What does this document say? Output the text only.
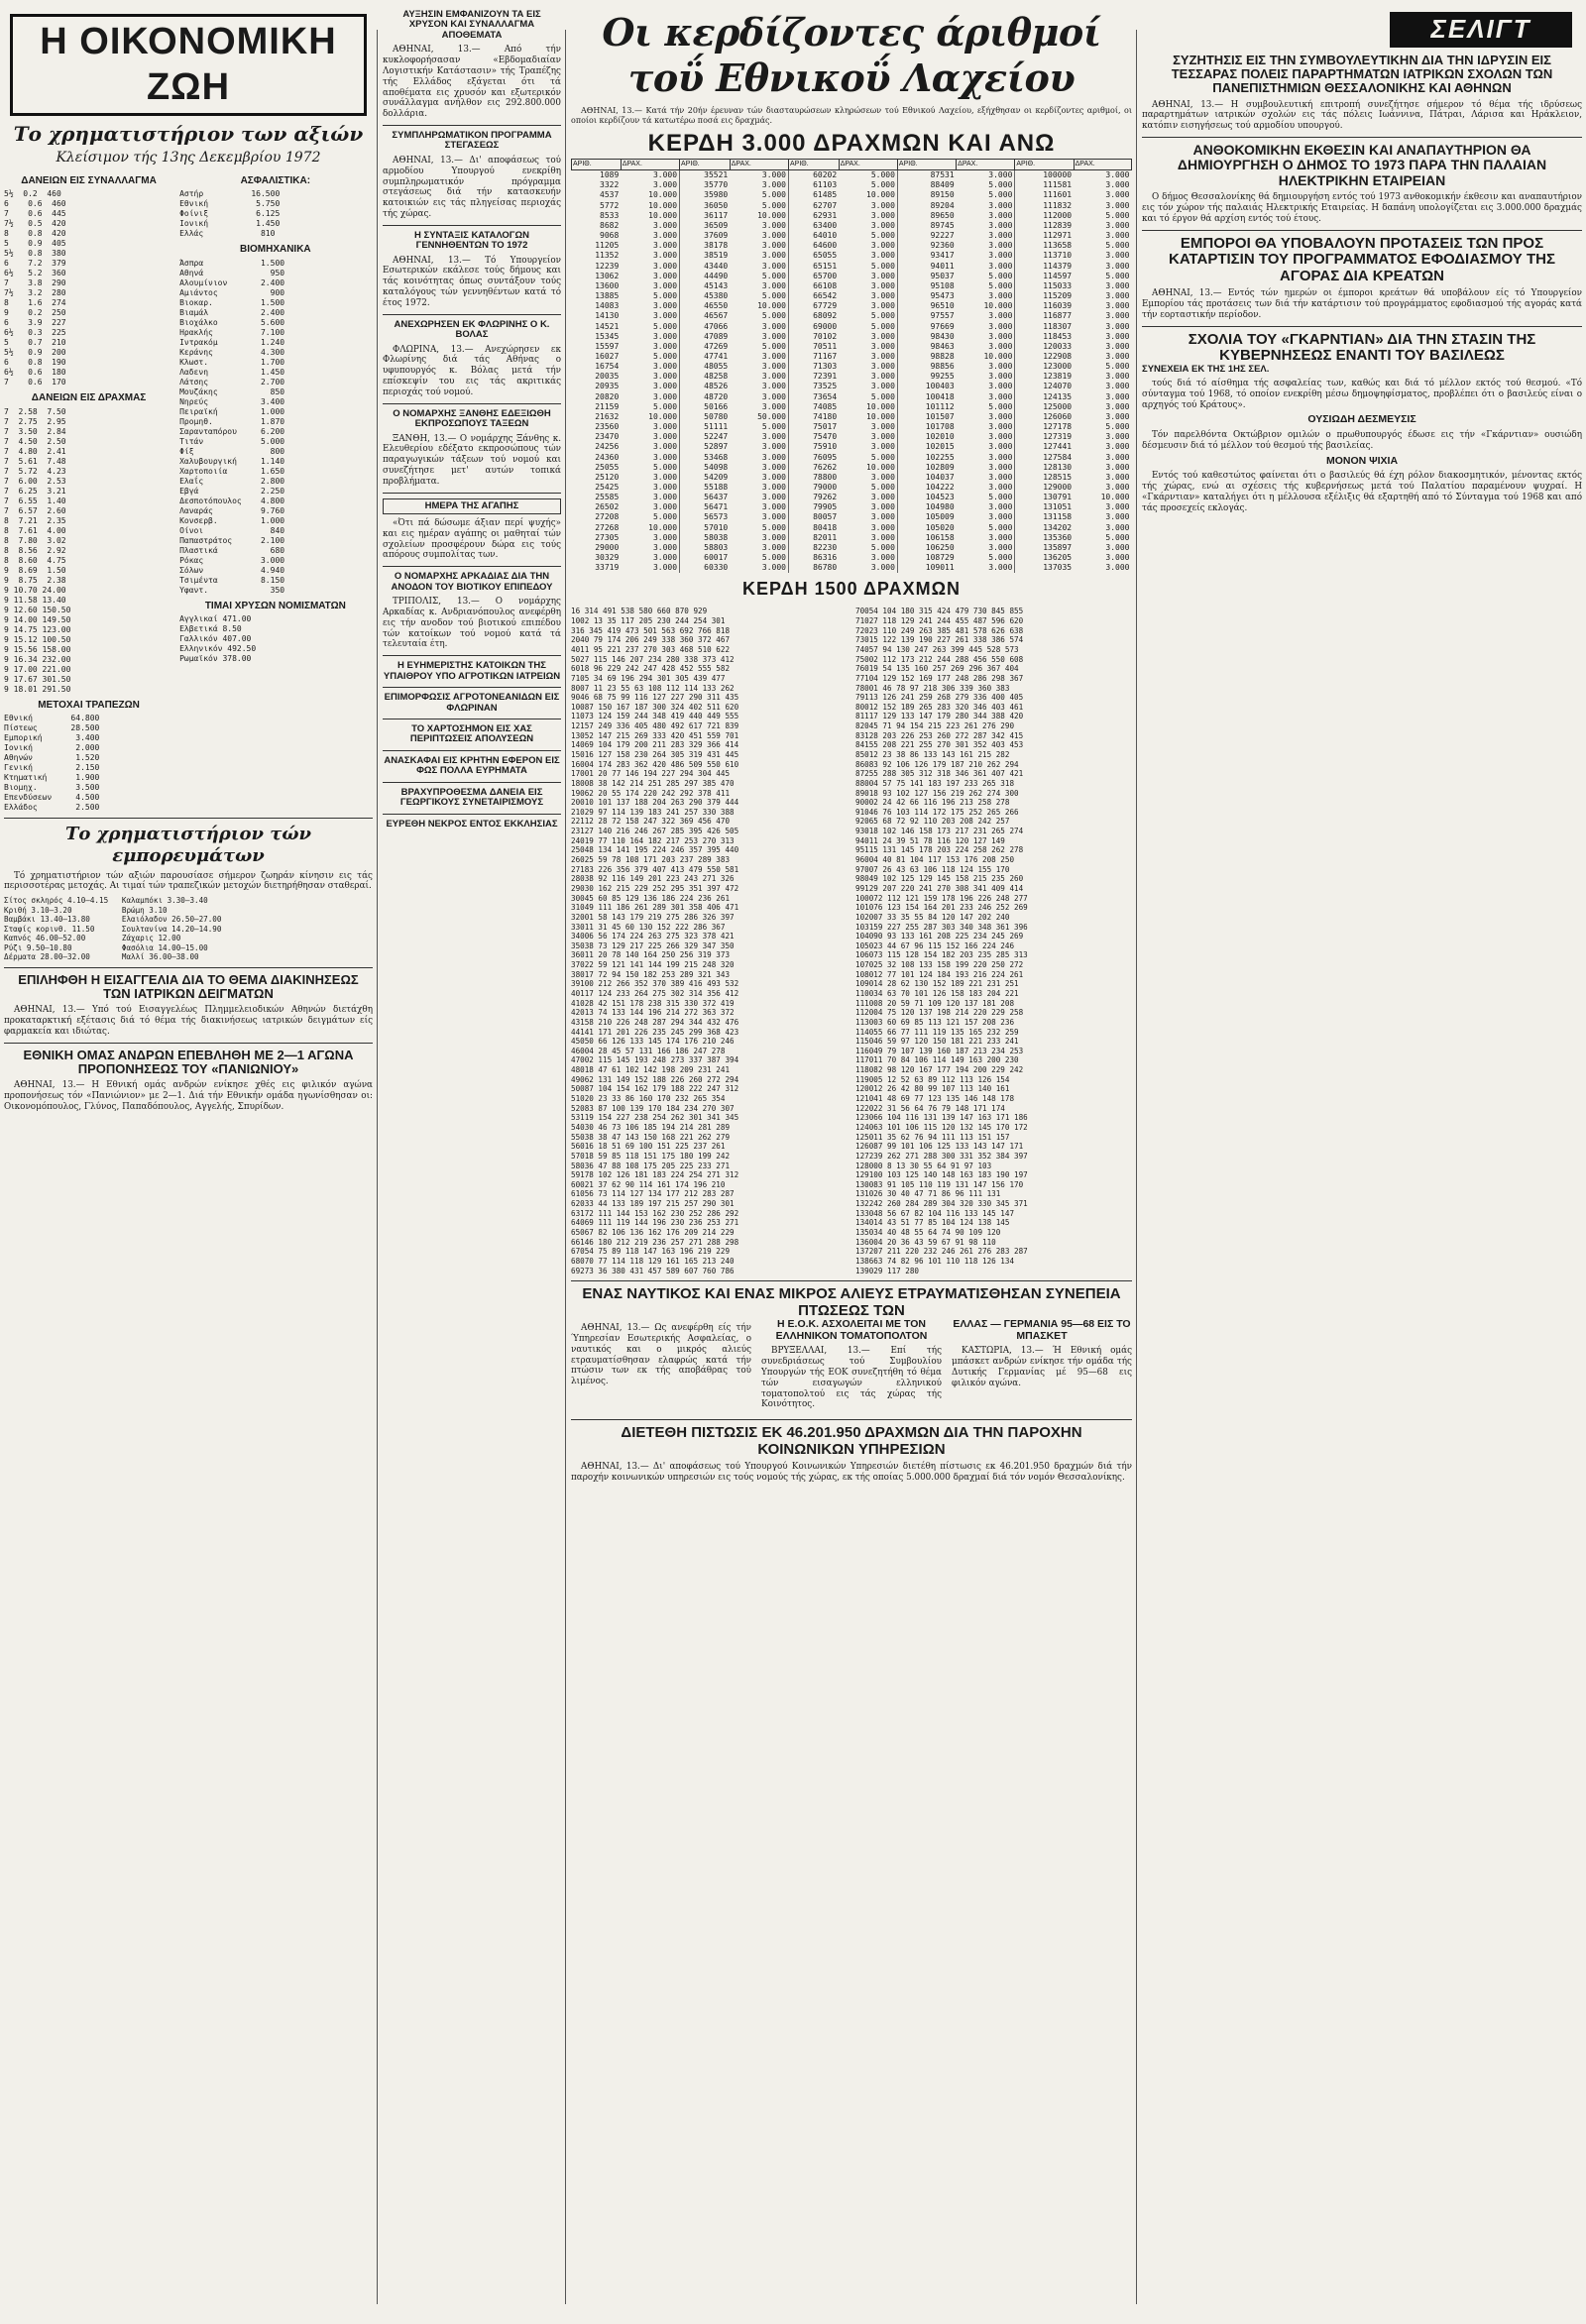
Η ΟΙΚΟΝΟΜΙΚΗ ΖΩΗ
Το χρηματιστήριον των αξιών
Κλείσιμον τής 13ης Δεκεμβρίου 1972
ΔΑΝΕΙΩΝ ΕΙΣ ΣΥΝΑΛΛΑΓΜΑ
5½  0.2  460
6    0.6  460
7    0.6  445
7½   0.5  420
8    0.8  420
5    0.9  405
5½   0.8  380
6    7.2  379
6½   5.2  360
7    3.8  290
7½   3.2  280
8    1.6  274
9    0.2  250
6    3.9  227
6½   0.3  225
5    0.7  210
5½   0.9  200
6    0.8  190
6½   0.6  180
7    0.6  170
ΔΑΝΕΙΩΝ ΕΙΣ ΔΡΑΧΜΑΣ
7  2.58  7.50
7  2.75  2.95
7  3.50  2.84
7  4.50  2.50
7  4.80  2.41
7  5.61  7.48
7  5.72  4.23
7  6.00  2.53
7  6.25  3.21
7  6.55  1.40
7  6.57  2.60
8  7.21  2.35
8  7.61  4.00
8  7.80  3.02
8  8.56  2.92
8  8.60  4.75
9  8.69  1.50
9  8.75  2.38
9 10.70 24.00
9 11.58 13.40
9 12.60 150.50
9 14.00 149.50
9 14.75 123.00
9 15.12 100.50
9 15.56 158.00
9 16.34 232.00
9 17.00 221.00
9 17.67 301.50
9 18.01 291.50
ΜΕΤΟΧΑΙ ΤΡΑΠΕΖΩΝ
Εθνική        64.800
Πίστεως       28.500
Εμπορική       3.400
Ιονική         2.000
Αθηνών         1.520
Γενική         2.150
Κτηματική      1.900
Βιομηχ.        3.500
Επενδύσεων     4.500
Ελλάδος        2.500
ΑΣΦΑΛΙΣΤΙΚΑ:
Αστήρ          16.500
Εθνική          5.750
Φοίνιξ          6.125
Ιονική          1.450
Ελλάς            810
ΒΙΟΜΗΧΑΝΙΚΑ
Άσπρα            1.500
Αθηνά              950
Αλουμίνιον       2.400
Αμιάντος           900
Βιοκαρ.          1.500
Βιαμάλ           2.400
Βιοχάλκο         5.600
Ηρακλής          7.100
Ιντρακόμ         1.240
Κεράνης          4.300
Κλωστ.           1.700
Λαδενη           1.450
Λάτσης           2.700
Μουζάκης           850
Νηρεύς           3.400
Πειραϊκή         1.000
Προμηθ.          1.870
Σαρανταπόρου     6.200
Τιτάν            5.000
Φίξ                800
Χαλυβουργική     1.140
Χαρτοποιία       1.650
Ελαΐς            2.800
Εβγά             2.250
Δεσποτόπουλος    4.800
Λαναράς          9.760
Κονσερβ.         1.000
Οίνοι              840
Παπαστράτος      2.100
Πλαστικά           680
Ρόκας            3.000
Σόλων            4.940
Τσιμέντα         8.150
Ύφαντ.             350
ΤΙΜΑΙ ΧΡΥΣΩΝ ΝΟΜΙΣΜΑΤΩΝ
Αγγλικαί 471.00
Ελβετικά 8.50
Γαλλικόν 407.00
Ελληνικόν 492.50
Ρωμαϊκόν 378.00
Το χρηματιστήριον τών εμπορευμάτων
Τό χρηματιστήριον τών αξιών παρουσίασε σήμερον ζωηράν κίνησιν εις τάς περισσοτέρας μετοχάς. Αι τιμαί τών τραπεζικών μετοχών διετηρήθησαν σταθεραί.
Σίτος σκληρός 4.10—4.15   Καλαμπόκι 3.30—3.40
Κριθή 3.10—3.20           Βρώμη 3.10
Βαμβάκι 13.40—13.80       Ελαιόλαδον 26.50—27.00
Σταφίς κορινθ. 11.50      Σουλτανίνα 14.20—14.90
Καπνός 46.00—52.00        Ζάχαρις 12.00
Ρύζι 9.50—10.80           Φασόλια 14.00—15.00
Δέρματα 28.00—32.00       Μαλλί 36.00—38.00
ΕΠΙΛΗΦΘΗ Η ΕΙΣΑΓΓΕΛΙΑ ΔΙΑ ΤΟ ΘΕΜΑ ΔΙΑΚΙΝΗΣΕΩΣ ΤΩΝ ΙΑΤΡΙΚΩΝ ΔΕΙΓΜΑΤΩΝ
ΑΘΗΝΑΙ, 13.— Υπό τού Εισαγγελέως Πλημμελειοδικών Αθηνών διετάχθη προκαταρκτική εξέτασις διά τό θέμα τής διακινήσεως ιατρικών δειγμάτων είς φαρμακεία και ιδιώτας.
ΕΘΝΙΚΗ ΟΜΑΣ ΑΝΔΡΩΝ ΕΠΕΒΛΗΘΗ ΜΕ 2—1 ΑΓΩΝΑ ΠΡΟΠΟΝΗΣΕΩΣ ΤΟΥ «ΠΑΝΙΩΝΙΟΥ»
ΑΘΗΝΑΙ, 13.— Η Εθνική ομάς ανδρών ενίκησε χθές εις φιλικόν αγώνα προπονήσεως τόν «Πανιώνιον» με 2—1. Διά τήν Εθνικήν ομάδα ηγωνίσθησαν οι: Οικονομόπουλος, Γλύνος, Παπαδόπουλος, Αγγελής, Σπυρίδων.
ΑΥΞΗΣΙΝ ΕΜΦΑΝΙΖΟΥΝ ΤΑ ΕΙΣ ΧΡΥΣΟΝ ΚΑΙ ΣΥΝΑΛΛΑΓΜΑ ΑΠΟΘΕΜΑΤΑ
ΑΘΗΝΑΙ, 13.— Από τήν κυκλοφορήσασαν «Εβδομαδιαίαν Λογιστικήν Κατάστασιν» τής Τραπέζης τής Ελλάδος εξάγεται ότι τά αποθέματα εις χρυσόν και εξωτερικόν συνάλλαγμα ανήλθον εις 292.800.000 δολλάρια.
ΣΥΜΠΛΗΡΩΜΑΤΙΚΟΝ ΠΡΟΓΡΑΜΜΑ ΣΤΕΓΑΣΕΩΣ
ΑΘΗΝΑΙ, 13.— Δι' αποφάσεως τού αρμοδίου Υπουργού ενεκρίθη συμπληρωματικόν πρόγραμμα στεγάσεως διά τήν κατασκευήν κατοικιών εις τάς πληγείσας περιοχάς τής χώρας.
Η ΣΥΝΤΑΞΙΣ ΚΑΤΑΛΟΓΩΝ ΓΕΝΝΗΘΕΝΤΩΝ ΤΟ 1972
ΑΘΗΝΑΙ, 13.— Τό Υπουργείον Εσωτερικών εκάλεσε τούς δήμους και τάς κοινότητας όπως συντάξουν τούς καταλόγους τών γεννηθέντων κατά τό έτος 1972.
ΑΝΕΧΩΡΗΣΕΝ ΕΚ ΦΛΩΡΙΝΗΣ Ο Κ. ΒΟΛΑΣ
ΦΛΩΡΙΝΑ, 13.— Ανεχώρησεν εκ Φλωρίνης διά τάς Αθήνας ο υφυπουργός κ. Βόλας μετά τήν επίσκεψίν του εις τάς ακριτικάς περιοχάς τού νομού.
Ο ΝΟΜΑΡΧΗΣ ΞΑΝΘΗΣ ΕΔΕΞΙΩΘΗ ΕΚΠΡΟΣΩΠΟΥΣ ΤΑΞΕΩΝ
ΞΑΝΘΗ, 13.— Ο νομάρχης Ξάνθης κ. Ελευθερίου εδέξατο εκπροσώπους τών παραγωγικών τάξεων τού νομού και συνεζήτησε μετ' αυτών τοπικά προβλήματα.
ΗΜΕΡΑ ΤΗΣ ΑΓΑΠΗΣ
«Ότι πά δώσωμε άξιαν περί ψυχής» και εις ημέραν αγάπης οι μαθηταί τών σχολείων προσφέρουν δώρα εις τούς απόρους συμπολίτας των.
Ο ΝΟΜΑΡΧΗΣ ΑΡΚΑΔΙΑΣ ΔΙΑ ΤΗΝ ΑΝΟΔΟΝ ΤΟΥ ΒΙΟΤΙΚΟΥ ΕΠΙΠΕΔΟΥ
ΤΡΙΠΟΛΙΣ, 13.— Ο νομάρχης Αρκαδίας κ. Ανδριανόπουλος ανεφέρθη εις τήν ανοδον τού βιοτικού επιπέδου τών κατοίκων τού νομού κατά τά τελευταία έτη.
Η ΕΥΗΜΕΡΙΣΤΗΣ ΚΑΤΟΙΚΩΝ ΤΗΣ ΥΠΑΙΘΡΟΥ ΥΠΟ ΑΓΡΟΤΙΚΩΝ ΙΑΤΡΕΙΩΝ
ΕΠΙΜΟΡΦΩΣΙΣ ΑΓΡΟΤΟΝΕΑΝΙΔΩΝ ΕΙΣ ΦΛΩΡΙΝΑΝ
ΤΟ ΧΑΡΤΟΣΗΜΟΝ ΕΙΣ ΧΑΣ ΠΕΡΙΠΤΩΣΕΙΣ ΑΠΟΛΥΣΕΩΝ
ΑΝΑΣΚΑΦΑΙ ΕΙΣ ΚΡΗΤΗΝ ΕΦΕΡΟΝ ΕΙΣ ΦΩΣ ΠΟΛΛΑ ΕΥΡΗΜΑΤΑ
ΒΡΑΧΥΠΡΟΘΕΣΜΑ ΔΑΝΕΙΑ ΕΙΣ ΓΕΩΡΓΙΚΟΥΣ ΣΥΝΕΤΑΙΡΙΣΜΟΥΣ
ΕΥΡΕΘΗ ΝΕΚΡΟΣ ΕΝΤΟΣ ΕΚΚΛΗΣΙΑΣ
Οι κερδίζοντες άριθμοί τοΰ Εθνικοΰ Λαχείου
ΑΘΗΝΑΙ, 13.— Κατά τήν 20ήν έρευναν τών διασταυρώσεων κληρώσεων τού Εθνικού Λαχείου, εξήχθησαν οι κερδίζοντες αριθμοί, οι οποίοι κερδίζουν τά κατωτέρω ποσά εις δραχμάς.
ΚΕΡΔΗ 3.000 ΔΡΑΧΜΩΝ ΚΑΙ ΑΝΩ
ΑΡΙΘ.	ΔΡΑΧ.	ΑΡΙΘ.	ΔΡΑΧ.	ΑΡΙΘ.	ΔΡΑΧ.	ΑΡΙΘ.	ΔΡΑΧ.	ΑΡΙΘ.	ΔΡΑΧ.
1089	3.000	35521	3.000	60202	5.000	87531	3.000	100000	3.000
3322	3.000	35770	3.000	61103	5.000	88409	5.000	111581	3.000
4537	10.000	35980	5.000	61485	10.000	89150	5.000	111601	3.000
5772	10.000	36050	5.000	62707	3.000	89204	3.000	111832	3.000
8533	10.000	36117	10.000	62931	3.000	89650	3.000	112000	5.000
8682	3.000	36509	3.000	63400	3.000	89745	3.000	112839	3.000
9068	3.000	37609	3.000	64010	5.000	92227	3.000	112971	3.000
11205	3.000	38178	3.000	64600	3.000	92360	3.000	113658	5.000
11352	3.000	38519	3.000	65055	3.000	93417	3.000	113710	3.000
12239	3.000	43440	3.000	65151	5.000	94011	3.000	114379	3.000
13062	3.000	44490	5.000	65700	3.000	95037	5.000	114597	5.000
13600	3.000	45143	3.000	66108	3.000	95108	5.000	115033	3.000
13885	5.000	45380	5.000	66542	3.000	95473	3.000	115209	3.000
14083	3.000	46550	10.000	67729	3.000	96510	10.000	116039	3.000
14130	3.000	46567	5.000	68092	5.000	97557	3.000	116877	3.000
14521	5.000	47066	3.000	69000	5.000	97669	3.000	118307	3.000
15345	3.000	47089	3.000	70102	3.000	98430	3.000	118453	3.000
15597	3.000	47269	5.000	70511	3.000	98463	3.000	120033	3.000
16027	5.000	47741	3.000	71167	3.000	98828	10.000	122908	3.000
16754	3.000	48055	3.000	71303	3.000	98856	3.000	123000	5.000
20035	3.000	48258	3.000	72391	3.000	99255	3.000	123819	3.000
20935	3.000	48526	3.000	73525	3.000	100403	3.000	124070	3.000
20820	3.000	48720	3.000	73654	5.000	100418	3.000	124135	3.000
21159	5.000	50166	3.000	74085	10.000	101112	5.000	125000	3.000
21632	10.000	50780	50.000	74180	10.000	101507	3.000	126060	3.000
23560	3.000	51111	5.000	75017	3.000	101708	3.000	127178	5.000
23470	3.000	52247	3.000	75470	3.000	102010	3.000	127319	3.000
24256	3.000	52897	3.000	75910	3.000	102015	3.000	127441	3.000
24360	3.000	53468	3.000	76095	5.000	102255	3.000	127584	3.000
25055	5.000	54098	3.000	76262	10.000	102809	3.000	128130	3.000
25120	3.000	54209	3.000	78800	3.000	104037	3.000	128515	3.000
25425	3.000	55188	3.000	79000	5.000	104222	3.000	129000	3.000
25585	3.000	56437	3.000	79262	3.000	104523	5.000	130791	10.000
26502	3.000	56471	3.000	79905	3.000	104980	3.000	131051	3.000
27208	5.000	56573	3.000	80057	3.000	105009	3.000	131158	3.000
27268	10.000	57010	5.000	80418	3.000	105020	5.000	134202	3.000
27305	3.000	58038	3.000	82011	3.000	106158	3.000	135360	5.000
29000	3.000	58803	3.000	82230	5.000	106250	3.000	135897	3.000
30329	3.000	60017	5.000	86316	3.000	108729	5.000	136205	3.000
33719	3.000	60330	3.000	86780	3.000	109011	3.000	137035	3.000
ΚΕΡΔΗ 1500 ΔΡΑΧΜΩΝ
16 314 491 538 580 660 870 929
1002 13 35 117 205 230 244 254 301
316 345 419 473 501 563 692 766 818
2040 79 174 206 249 338 360 372 467
4011 95 221 237 270 303 468 510 622
5027 115 146 207 234 280 338 373 412
6018 96 229 242 247 428 452 555 582
7105 34 69 196 294 301 305 439 477
8007 11 23 55 63 108 112 114 133 262
9046 68 75 99 116 127 227 290 311 435
10087 150 167 187 300 324 402 511 620
11073 124 159 244 348 419 440 449 555
12157 249 336 405 480 492 617 721 839
13052 147 215 269 333 420 451 559 701
14069 104 179 200 211 283 329 366 414
15016 127 158 230 264 305 319 431 445
16004 174 283 362 420 486 509 550 610
17001 20 77 146 194 227 294 304 445
18008 38 142 214 251 285 297 385 470
19062 20 55 174 220 242 292 378 411
20010 101 137 188 204 263 290 379 444
21029 97 114 139 183 241 257 330 388
22112 28 72 158 247 322 369 456 470
23127 140 216 246 267 285 395 426 505
24019 77 110 164 182 217 253 270 313
25048 134 141 195 224 246 357 395 440
26025 59 78 108 171 203 237 289 383
27183 226 356 379 407 413 479 550 581
28038 92 116 149 201 223 243 271 326
29030 162 215 229 252 295 351 397 472
30045 60 85 129 136 186 224 236 261
31049 111 186 261 289 301 358 406 471
32001 58 143 179 219 275 286 326 397
33011 31 45 60 130 152 222 286 367
34006 56 174 224 263 275 323 378 421
35038 73 129 217 225 266 329 347 350
36011 20 78 140 164 250 256 319 373
37022 59 121 141 144 199 215 248 320
38017 72 94 150 182 253 289 321 343
39100 212 266 352 370 389 416 493 532
40117 124 233 264 275 302 314 356 412
41028 42 151 178 238 315 330 372 419
42013 74 133 144 196 214 272 363 372
43158 210 226 248 287 294 344 432 476
44141 171 201 226 235 245 299 368 423
45050 66 126 133 145 174 176 210 246
46004 28 45 57 131 166 186 247 278
47002 115 145 193 248 273 337 387 394
48018 47 61 102 142 198 209 231 241
49062 131 149 152 188 226 260 272 294
50087 104 154 162 179 188 222 247 312
51020 23 33 86 160 170 232 265 354
52083 87 100 139 170 184 234 270 307
53119 154 227 238 254 262 301 341 345
54030 46 73 106 185 194 214 281 289
55038 38 47 143 150 168 221 262 279
56016 18 51 69 100 151 225 237 261
57018 59 85 118 151 175 180 199 242
58036 47 88 108 175 205 225 233 271
59178 102 126 181 183 224 254 271 312
60021 37 62 90 114 161 174 196 210
61056 73 114 127 134 177 212 283 287
62033 44 133 189 197 215 257 290 301
63172 111 144 153 162 230 252 286 292
64069 111 119 144 196 230 236 253 271
65067 82 106 136 162 176 209 214 229
66146 180 212 219 236 257 271 288 298
67054 75 89 118 147 163 196 219 229
68070 77 114 118 129 161 165 213 240
69273 36 380 431 457 589 607 760 786
70054 104 180 315 424 479 730 845 855
71027 118 129 241 244 455 487 596 620
72023 110 249 263 385 481 578 626 638
73015 122 139 190 227 261 338 386 574
74057 94 130 247 263 399 445 528 573
75002 112 173 212 244 288 456 550 608
76019 54 135 160 257 269 296 367 404
77104 129 152 169 177 248 286 298 367
78001 46 78 97 218 306 339 360 383
79113 126 241 259 268 279 336 400 405
80012 152 189 265 283 320 346 403 461
81117 129 133 147 179 280 344 388 420
82045 71 94 154 215 223 261 276 290
83128 203 226 253 260 272 287 342 415
84155 208 221 255 270 301 352 403 453
85012 23 38 86 133 143 161 215 282
86083 92 106 126 179 187 210 262 294
87255 288 305 312 318 346 361 407 421
88004 57 75 141 183 197 233 265 318
89018 93 102 127 156 219 262 274 300
90002 24 42 66 116 196 213 258 278
91046 76 103 114 172 175 252 265 266
92065 68 72 92 110 203 208 242 257
93018 102 146 158 173 217 231 265 274
94011 24 39 51 78 116 120 127 149
95115 131 145 178 203 224 258 262 278
96004 40 81 104 117 153 176 208 250
97007 26 43 63 106 118 124 155 170
98049 102 125 129 145 158 215 235 260
99129 207 220 241 270 308 341 409 414
100072 112 121 159 178 196 226 248 277
101076 123 154 164 201 233 246 252 269
102007 33 35 55 84 120 147 202 240
103159 227 255 287 303 340 348 361 396
104090 93 133 161 208 225 234 245 269
105023 44 67 96 115 152 166 224 246
106073 115 128 154 182 203 235 285 313
107025 32 108 133 158 199 220 250 272
108012 77 101 124 184 193 216 224 261
109014 28 62 130 152 189 221 231 251
110034 63 70 101 126 158 183 204 221
111008 20 59 71 109 120 137 181 208
112004 75 120 137 198 214 220 229 258
113003 60 69 85 113 121 157 208 236
114055 66 77 111 119 135 165 232 259
115046 59 97 120 150 181 221 233 241
116049 79 107 139 160 187 213 234 253
117011 70 84 106 114 149 163 200 230
118082 98 120 167 177 194 200 229 242
119005 12 52 63 89 112 113 126 154
120012 26 42 80 99 107 113 140 161
121041 48 69 77 123 135 146 148 178
122022 31 56 64 76 79 148 171 174
123066 104 116 131 139 147 163 171 186
124063 101 106 115 120 132 145 170 172
125011 35 62 76 94 111 113 151 157
126087 99 101 106 125 133 143 147 171
127239 262 271 288 300 331 352 384 397
128000 8 13 30 55 64 91 97 103
129100 103 125 140 148 163 183 190 197
130083 91 105 110 119 131 147 156 170
131026 30 40 47 71 86 96 111 131
132242 260 284 289 304 320 330 345 371
133048 56 67 82 104 116 133 145 147
134014 43 51 77 85 104 124 138 145
135034 40 48 55 64 74 90 109 120
136004 20 36 43 59 67 91 98 110
137207 211 220 232 246 261 276 283 287
138663 74 82 96 101 110 118 126 134
139029 117 280
ΕΝΑΣ ΝΑΥΤΙΚΟΣ ΚΑΙ ΕΝΑΣ ΜΙΚΡΟΣ ΑΛΙΕΥΣ ΕΤΡΑΥΜΑΤΙΣΘΗΣΑΝ ΣΥΝΕΠΕΙΑ ΠΤΩΣΕΩΣ ΤΩΝ
ΑΘΗΝΑΙ, 13.— Ως ανεφέρθη είς τήν Ύπηρεσίαν Εσωτερικής Ασφαλείας, ο ναυτικός και ο μικρός αλιεύς ετραυματίσθησαν ελαφρώς κατά τήν πτώσιν των εκ τής αποβάθρας τού λιμένος.
Η Ε.Ο.Κ. ΑΣΧΟΛΕΙΤΑΙ ΜΕ ΤΟΝ ΕΛΛΗΝΙΚΟΝ ΤΟΜΑΤΟΠΟΛΤΟΝ
ΒΡΥΞΕΛΛΑΙ, 13.— Επί τής συνεδριάσεως τού Συμβουλίου Υπουργών τής ΕΟΚ συνεζητήθη τό θέμα τών εισαγωγών ελληνικού τοματοπολτού εις τάς χώρας τής Κοινότητος.
ΕΛΛΑΣ — ΓΕΡΜΑΝΙΑ 95—68 ΕΙΣ ΤΟ ΜΠΑΣΚΕΤ
ΚΑΣΤΩΡΙΑ, 13.— Ή Εθνική ομάς μπάσκετ ανδρών ενίκησε τήν ομάδα τής Δυτικής Γερμανίας μέ 95—68 εις φιλικόν αγώνα.
ΔΙΕΤΕΘΗ ΠΙΣΤΩΣΙΣ ΕΚ 46.201.950 ΔΡΑΧΜΩΝ ΔΙΑ ΤΗΝ ΠΑΡΟΧΗΝ ΚΟΙΝΩΝΙΚΩΝ ΥΠΗΡΕΣΙΩΝ
ΑΘΗΝΑΙ, 13.— Δι' αποφάσεως τού Υπουργού Κοινωνικών Υπηρεσιών διετέθη πίστωσις εκ 46.201.950 δραχμών διά τήν παροχήν κοινωνικών υπηρεσιών εις τούς νομούς τής χώρας, εκ τής οποίας 5.000.000 δραχμαί διά τόν νομόν Θεσσαλονίκης.
ΣΕΛΙΓΤ
ΣΥΖΗΤΗΣΙΣ ΕΙΣ ΤΗΝ ΣΥΜΒΟΥΛΕΥΤΙΚΗΝ ΔΙΑ ΤΗΝ ΙΔΡΥΣΙΝ ΕΙΣ ΤΕΣΣΑΡΑΣ ΠΟΛΕΙΣ ΠΑΡΑΡΤΗΜΑΤΩΝ ΙΑΤΡΙΚΩΝ ΣΧΟΛΩΝ ΤΩΝ ΠΑΝΕΠΙΣΤΗΜΙΩΝ ΘΕΣΣΑΛΟΝΙΚΗΣ ΚΑΙ ΑΘΗΝΩΝ
ΑΘΗΝΑΙ, 13.— Η συμβουλευτική επιτροπή συνεζήτησε σήμερον τό θέμα τής ιδρύσεως παραρτημάτων ιατρικών σχολών εις τάς πόλεις Ιωάννινα, Πάτραι, Λάρισα και Ηράκλειον, κατόπιν εισηγήσεως τού αρμοδίου υπουργού.
ΑΝΘΟΚΟΜΙΚΗΝ ΕΚΘΕΣΙΝ ΚΑΙ ΑΝΑΠΑΥΤΗΡΙΟΝ ΘΑ ΔΗΜΙΟΥΡΓΗΣΗ Ο ΔΗΜΟΣ ΤΟ 1973 ΠΑΡΑ ΤΗΝ ΠΑΛΑΙΑΝ ΗΛΕΚΤΡΙΚΗΝ ΕΤΑΙΡΕΙΑΝ
Ο δήμος Θεσσαλονίκης θά δημιουργήση εντός τού 1973 ανθοκομικήν έκθεσιν και αναπαυτήριον εις τόν χώρον τής παλαιάς Ηλεκτρικής Εταιρείας. Η δαπάνη υπολογίζεται εις 3.000.000 δραχμάς και τό έργον θά αρχίση εντός τού έτους.
ΕΜΠΟΡΟΙ ΘΑ ΥΠΟΒΑΛΟΥΝ ΠΡΟΤΑΣΕΙΣ ΤΩΝ ΠΡΟΣ ΚΑΤΑΡΤΙΣΙΝ ΤΟΥ ΠΡΟΓΡΑΜΜΑΤΟΣ ΕΦΟΔΙΑΣΜΟΥ ΤΗΣ ΑΓΟΡΑΣ ΔΙΑ ΚΡΕΑΤΩΝ
ΑΘΗΝΑΙ, 13.— Εντός τών ημερών οι έμποροι κρεάτων θά υποβάλουν είς τό Υπουργείον Εμπορίου τάς προτάσεις των διά τήν κατάρτισιν τού προγράμματος εφοδιασμού τής αγοράς κατά τήν εορταστικήν περίοδον.
ΣΧΟΛΙΑ ΤΟΥ «ΓΚΑΡΝΤΙΑΝ» ΔΙΑ ΤΗΝ ΣΤΑΣΙΝ ΤΗΣ ΚΥΒΕΡΝΗΣΕΩΣ ΕΝΑΝΤΙ ΤΟΥ ΒΑΣΙΛΕΩΣ
ΣΥΝΕΧΕΙΑ ΕΚ ΤΗΣ 1ΗΣ ΣΕΛ.
τούς διά τό αίσθημα τής ασφαλείας των, καθώς και διά τό μέλλον εκτός τού θεσμού. «Τό σύνταγμα τού 1968, τό οποίον ενεκρίθη μέσω δημοψηφίσματος, προβλέπει ότι ο βασιλεύς είναι ο αρχηγός τού Κράτους».
ΟΥΣΙΩΔΗ ΔΕΣΜΕΥΣΙΣ
Τόν παρελθόντα Οκτώβριον ομιλών ο πρωθυπουργός έδωσε εις τήν «Γκάρντιαν» ουσιώδη δέσμευσιν διά τό μέλλον τού θεσμού τής βασιλείας.
ΜΟΝΟΝ ΨΙΧΙΑ
Εντός τού καθεστώτος φαίνεται ότι ο βασιλεύς θά έχη ρόλον διακοσμητικόν, μένοντας εκτός τής χώρας, ενώ αι σχέσεις τής κυβερνήσεως μετά τού Παλατίου παραμένουν ψυχραί. Η «Γκάρντιαν» καταλήγει ότι η μέλλουσα εξέλιξις θά εξαρτηθή από τό Σύνταγμα τού 1968 και από τάς προσεχείς εκλογάς.
